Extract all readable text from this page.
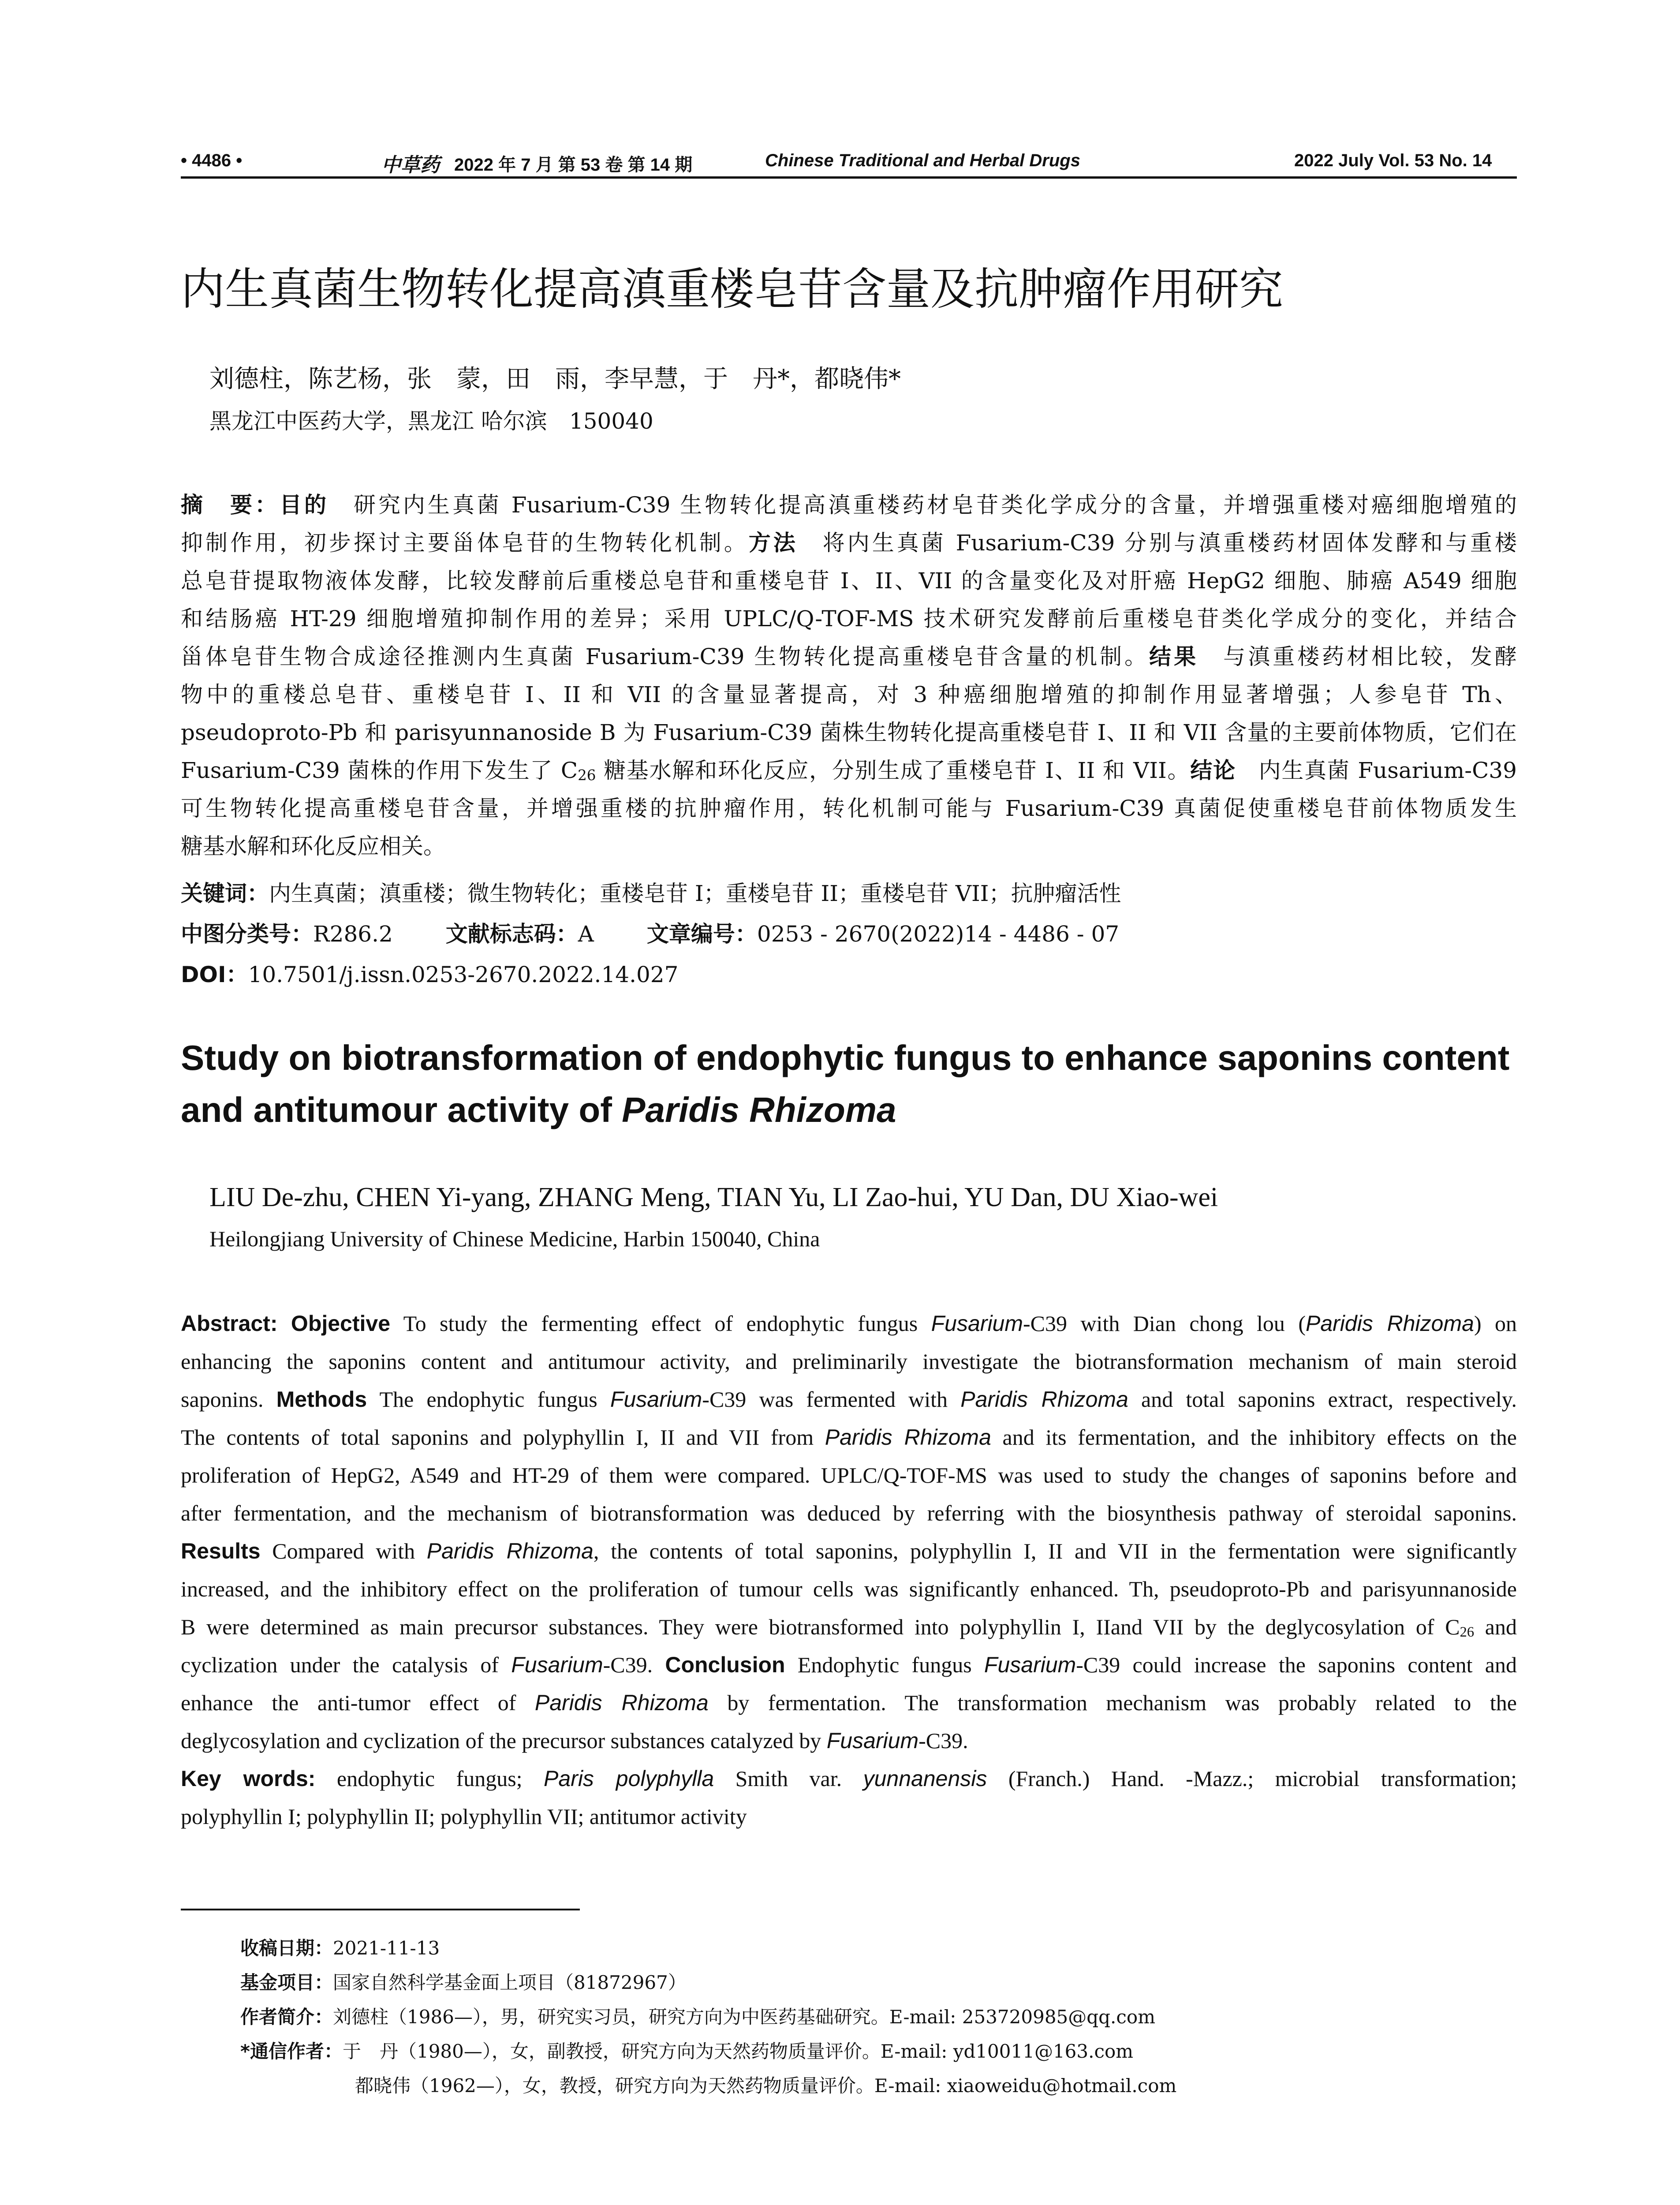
• 4486 •	中草药 2022 年 7 月 第 53 卷 第 14 期	Chinese Traditional and Herbal Drugs	2022 July Vol. 53 No. 14
内生真菌生物转化提高滇重楼皂苷含量及抗肿瘤作用研究
刘德柱，陈艺杨，张　蒙，田　雨，李早慧，于　丹*，都晓伟*
黑龙江中医药大学，黑龙江 哈尔滨　150040

摘　要：目的　 研究内生真菌 Fusarium-C39 生物转化提高滇重楼药材皂苷类化学成分的含量，并增强重楼对癌细胞增殖的

抑制作用，初步探讨主要甾体皂苷的生物转化机制。方法　 将内生真菌 Fusarium-C39 分别与滇重楼药材固体发酵和与重楼

总皂苷提取物液体发酵，比较发酵前后重楼总皂苷和重楼皂苷 I、II、VII 的含量变化及对肝癌 HepG2 细胞、肺癌 A549 细胞

和结肠癌 HT-29 细胞增殖抑制作用的差异；采用 UPLC/Q-TOF-MS 技术研究发酵前后重楼皂苷类化学成分的变化，并结合

甾体皂苷生物合成途径推测内生真菌 Fusarium-C39 生物转化提高重楼皂苷含量的机制。结果　 与滇重楼药材相比较，发酵

物中的重楼总皂苷、重楼皂苷 I、II 和 VII 的含量显著提高，对 3 种癌细胞增殖的抑制作用显著增强；人参皂苷 Th、

pseudoproto-Pb 和 parisyunnanoside B 为 Fusarium-C39 菌株生物转化提高重楼皂苷 I、II 和 VII 含量的主要前体物质，它们在

Fusarium-C39 菌株的作用下发生了 $C_{26}$ 糖基水解和环化反应，分别生成了重楼皂苷 I、II 和 VII。结论　 内生真菌 Fusarium-C39

可生物转化提高重楼皂苷含量，并增强重楼的抗肿瘤作用，转化机制可能与 Fusarium-C39 真菌促使重楼皂苷前体物质发生

糖基水解和环化反应相关。

关键词：内生真菌；滇重楼；微生物转化；重楼皂苷 I；重楼皂苷 II；重楼皂苷 VII；抗肿瘤活性
中图分类号：R286.2 文献标志码：A 文章编号：0253 - 2670(2022)14 - 4486 - 07
DOI：10.7501/j.issn.0253-2670.2022.14.027
Study on biotransformation of endophytic fungus to enhance saponins content
and antitumour activity of Paridis Rhizoma
LIU De-zhu, CHEN Yi-yang, ZHANG Meng, TIAN Yu, LI Zao-hui, YU Dan, DU Xiao-wei
Heilongjiang University of Chinese Medicine, Harbin 150040, China

Abstract: Objective To study the fermenting effect of endophytic fungus Fusarium-C39 with Dian chong lou (Paridis Rhizoma) on

enhancing the saponins content and antitumour activity, and preliminarily investigate the biotransformation mechanism of main steroid

saponins. Methods The endophytic fungus Fusarium-C39 was fermented with Paridis Rhizoma and total saponins extract, respectively.

The contents of total saponins and polyphyllin I, II and VII from Paridis Rhizoma and its fermentation, and the inhibitory effects on the

proliferation of HepG2, A549 and HT-29 of them were compared. UPLC/Q-TOF-MS was used to study the changes of saponins before and

after fermentation, and the mechanism of biotransformation was deduced by referring with the biosynthesis pathway of steroidal saponins.

Results Compared with Paridis Rhizoma, the contents of total saponins, polyphyllin I, II and VII in the fermentation were significantly

increased, and the inhibitory effect on the proliferation of tumour cells was significantly enhanced. Th, pseudoproto-Pb and parisyunnanoside

B were determined as main precursor substances. They were biotransformed into polyphyllin I, IIand VII by the deglycosylation of $C_{26}$ and

cyclization under the catalysis of Fusarium-C39. Conclusion Endophytic fungus Fusarium-C39 could increase the saponins content and

enhance the anti-tumor effect of Paridis Rhizoma by fermentation. The transformation mechanism was probably related to the

deglycosylation and cyclization of the precursor substances catalyzed by Fusarium-C39.

Key words: endophytic fungus; Paris polyphylla Smith var. yunnanensis (Franch.) Hand. -Mazz.; microbial transformation;

polyphyllin I; polyphyllin II; polyphyllin VII; antitumor activity

收稿日期：2021-11-13
基金项目：国家自然科学基金面上项目（81872967）
作者简介：刘德柱（1986—），男，研究实习员，研究方向为中医药基础研究。E-mail: 253720985@qq.com
*通信作者：于　丹（1980—），女，副教授，研究方向为天然药物质量评价。E-mail: yd10011@163.com
都晓伟（1962—），女，教授，研究方向为天然药物质量评价。E-mail: xiaoweidu@hotmail.com
